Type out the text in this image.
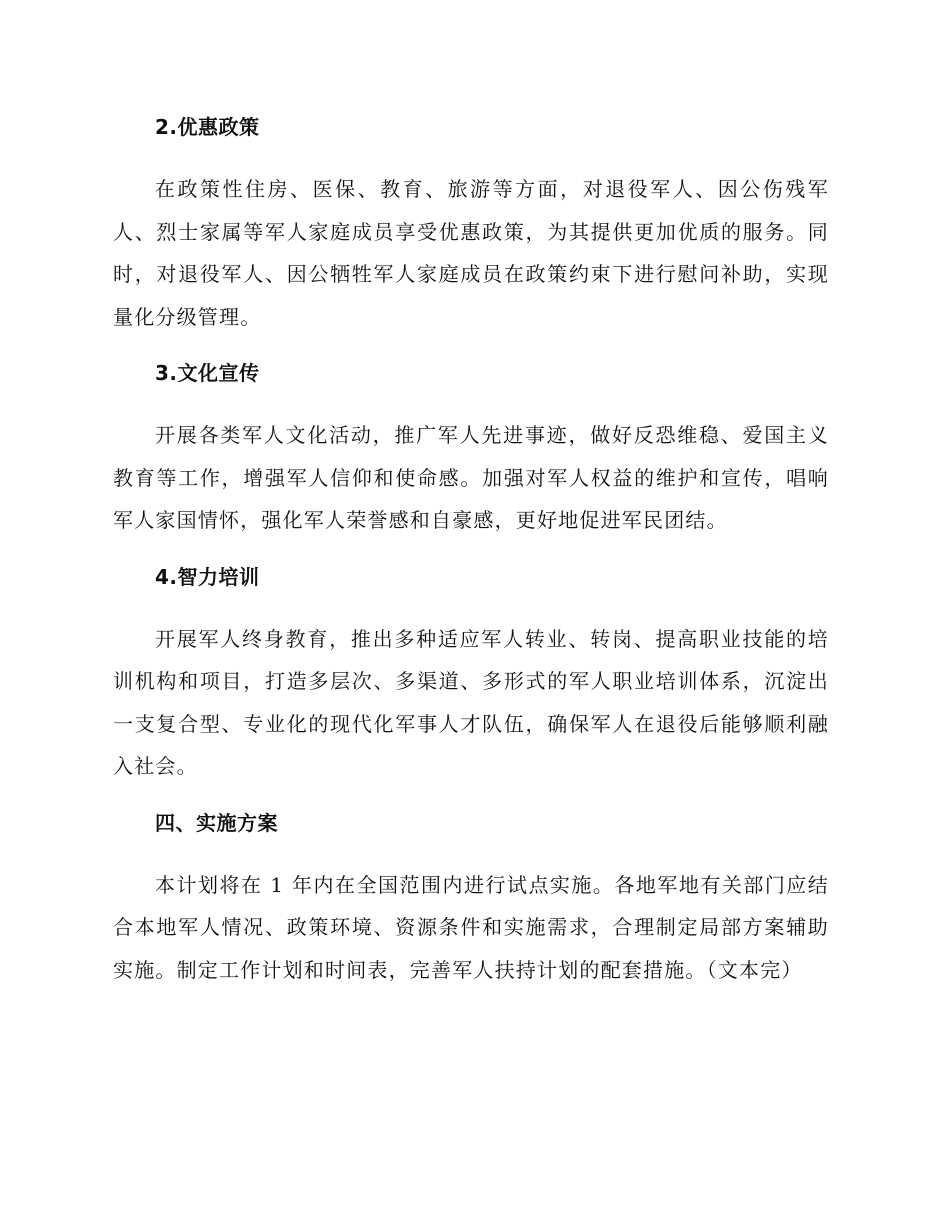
2.优惠政策

在政策性住房、医保、教育、旅游等方面，对退役军人、因公伤残军人、烈士家属等军人家庭成员享受优惠政策，为其提供更加优质的服务。同时，对退役军人、因公牺牲军人家庭成员在政策约束下进行慰问补助，实现量化分级管理。

3.文化宣传

开展各类军人文化活动，推广军人先进事迹，做好反恐维稳、爱国主义教育等工作，增强军人信仰和使命感。加强对军人权益的维护和宣传，唱响军人家国情怀，强化军人荣誉感和自豪感，更好地促进军民团结。

4.智力培训

开展军人终身教育，推出多种适应军人转业、转岗、提高职业技能的培训机构和项目，打造多层次、多渠道、多形式的军人职业培训体系，沉淀出一支复合型、专业化的现代化军事人才队伍，确保军人在退役后能够顺利融入社会。

四、实施方案

本计划将在 1 年内在全国范围内进行试点实施。各地军地有关部门应结合本地军人情况、政策环境、资源条件和实施需求，合理制定局部方案辅助实施。制定工作计划和时间表，完善军人扶持计划的配套措施。（文本完）
